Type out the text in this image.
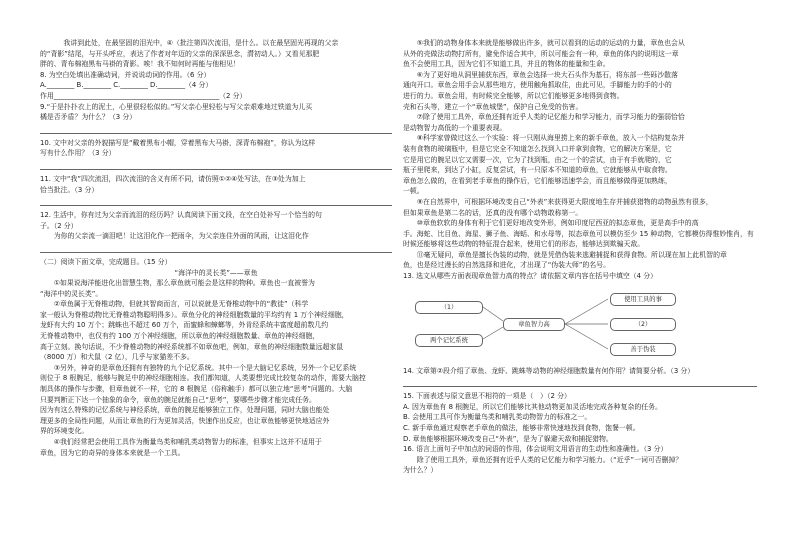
　　我讲到此处，在最坚固的泪光中，④（批注第四次流泪，是什么。以在最坚固光再现的父亲

的“背影”结尾，与开头呼应，表达了作者对年迈的父亲的深深思念，潸初动人。）又看见那肥

胖的、青布棉袍黑布马褂的背影。唉！我不知何时再能与他相见！

8. 为空白处填出准确动词，并说说动词的作用。（6 分）

A.________ B.________ C.________ D.________（4 分）

作用________________________________________________（2 分）

9.“于是扑扑衣上的泥土，心里很轻松似的。”写父亲心里轻松与写父亲艰难地过铁道为儿买

橘是否矛盾？为什么？（3 分）

10. 文中对父亲的外貌描写是“戴着黑布小帽，穿着黑布大马褂，深青布棉袍”，你认为这样

写有什么作用？（3 分）

11. 文中“我”四次流泪，四次流泪的含义有所不同，请仿照①②④处写法，在③处为加上

恰当批注。（3 分）

12. 生活中，你有过为父亲而流泪的经历吗？认真阅读下面文段，在空白处补写一个恰当的句

子。（2 分）

　　为你的父亲流一滴泪吧！让这泪化作一把雨伞，为父亲连住外面的风雨，让这泪化作

（二）阅读下面文章，完成题目。（15 分）

“海洋中的灵长类”——章鱼

　　①如果说海洋能进化出智慧生物，那么章鱼就可能会是这样的物种。章鱼也一直被誉为

“海洋中的灵长类”。

　　②章鱼属于无脊椎动物，但就其智商而言，可以说就是无脊椎动物中的“教徒”（科学

家一般认为脊椎动物比无脊椎动物聪明得多）。章鱼分化的神经细胞数量的平均约有 1 万个神经细胞，

龙虾有大约 10 万个；跳蛛也不超过 60 万个，而蜜蜂和蟑螂等，外肯经系统丰富度超前数几约

无脊椎动物中，也仅有约 100 万个神经细胞，所以章鱼的神经细胞数量、章鱼的神经细胞，

高于立刻。换句话说，不少脊椎动物的神经系统都不如章鱼吧，例如，章鱼的神经细胞数量远超家鼠

（8000 万）和犬鼠（2 亿），几乎与家猫差不多。

　　③另外，神奇的是章鱼还拥有有独特的九个记忆系统。其中一个是大脑记忆系统，另外一个记忆系统

则位于 8 根腕足，能够与腕足中的神经细胞相连。我们都知道，人类要想完成比较复杂的动作，需要大脑控

制具体的操作与步骤，但章鱼就不一样，它的 8 根腕足（俗称触手）都可以独立地“思考”问题的。大脑

只要判断正下达一个抽象的命令，章鱼的腕足就能自己“思考”，要哪些步骤才能完成任务。

因为有这么特殊的记忆系统与神经系统，章鱼的腕足能够独立工作，处理问题，同时大脑也能处

理更多的全局性问题，从而让章鱼的行为更加灵活，快速作出反应，也让章鱼能够更快地适应外

界的环境变化。

　　④我们经常把会使用工具作为衡量鸟类和哺乳类动物智力的标准，但事实上这并不适用于

章鱼，因为它的奇异的身体本来就是一个工具。

　　⑤我们的动物身体本来就是能够做出许多，就可以看到的运动的运动的力量，章鱼也会从

从外的壳做法动物打所有，避免作适合其中，所以可能会有一种，章鱼的体内的说明这一章

鱼不会使用工具，因为它们不知道工具，并且的物体的能量和生命。

　　⑥为了更好地从洞里捕获东西，章鱼会选择一块大石头作为基石，将东部一些砾沙散落

通向开口。章鱼会用手会从那些地方，使用触角抓取住，由此可见，手脚能力的手的小的

进行的力。章鱼会用，有时候完全能够，所以它们能够更多地得到食物。

壳和石头等，建立一个“章鱼城堡”，保护自己免受的伤害。

　　⑦除了使用工具外，章鱼还拥有近乎人类的记忆能力和学习能力，而学习能力的强弱恰恰

是动物智力高低的一个重要表现。

　　⑧科学家曾做过这么一个实验：将一只刚从海里捞上来的新手章鱼，放入一个结构复杂并

装有食物的玻璃瓶中，但是它完全不知道怎么找到入口并拿到食物，它的解决方案是，它

它是用它的腕足以它又需要一次，它为了找到瓶，由之一个的尝试，由于有手就爬的，它

瓶子里爬来，到达了小缸，反复尝试，有一只原本不知道的章鱼，它就能够从中取食物。

章鱼怎么做的，在看到老手章鱼的操作后，它们能够迅速学会，而且能够做得更加熟练，

一顿。

　　⑨在自然界中，可根据环境改变自己“外表”来获得更大限度地生存并捕获猎物的动物虽然有很多，

但如果章鱼是第二名的话，还真的没有哪个动物敢称第一。

　　⑩章鱼软软的身体有利于它们更好地改变外形，例如印度尼西亚的拟态章鱼，更是高手中的高

手。海蛇、比目鱼、海星、狮子鱼、海蛞、和水母等，拟态章鱼可以模仿至少 15 种动物，它都模仿得惟妙惟肖，有

时候还能够将这些动物的特征混合起来，使用它们的形态，能够达到欺骗天敌。

　　⑪毫无疑问，章鱼是擅长伪装的动物，就是凭借伪装来逃避捕捉和获得食物。所以现在加上此机智的章

鱼，也是经过漫长的自然选择和进化，才出现了“伪装大师”的名号。

13. 选文从哪些方面表现章鱼智力高的特点？请依据文章内容在括号中填空（4 分）

（1）
两个记忆系统
章鱼智力高
使用工具的事
（2）
善于伪装

14. 文章第②段介绍了章鱼、龙虾、跳蛛等动物的神经细胞数量有何作用？请简要分析。（3 分）

15. 下面表述与原文意思不相符的一项是（　）（2 分）

A. 因为章鱼有 8 根腕足，所以它们能够比其他动物更加灵活地完成各种复杂的任务。

B. 会使用工具可作为衡量鸟类和哺乳类动物智力的标准之一。

C. 新手章鱼通过观察老手章鱼的做法，能够非常快速地找到食物，饱餐一顿。

D. 章鱼能够根据环境改变自己“外表”，是为了躲避天敌和捕捉猎物。

16. 语言上面句子中加点的词语的作用，体会说明文用语言的生动性和准确性。（3 分）

　　除了使用工具外，章鱼还拥有近乎人类的记忆能力和学习能力。（“近乎”一词可否删掉？

为什么？）
